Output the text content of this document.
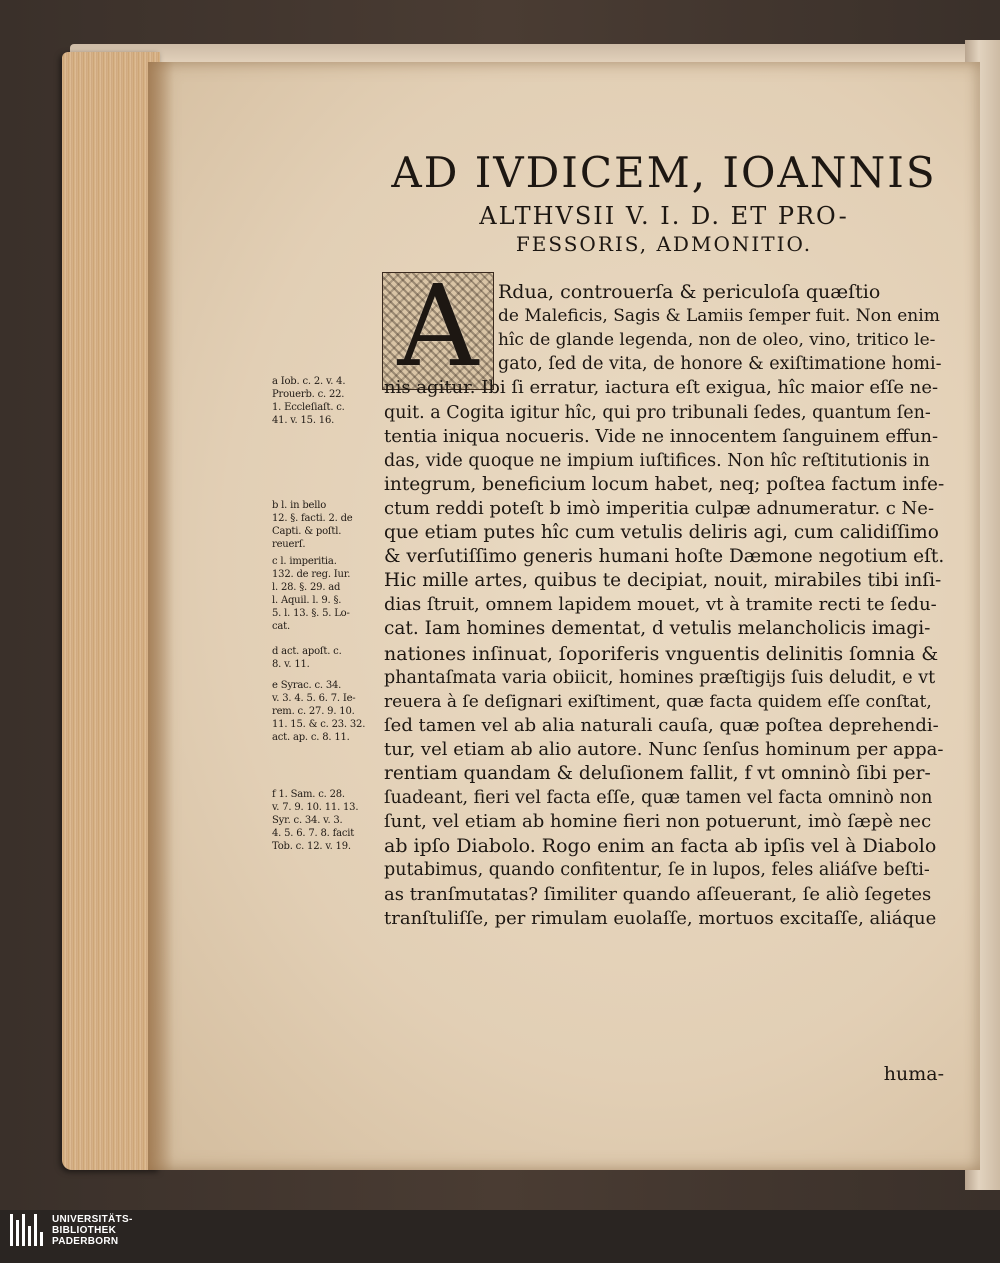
AD IVDICEM, IOANNIS
ALTHVSII V. I. D. ET PRO-
FESSORIS, ADMONITIO.
A	Rdua, controuerſa & periculoſa quæſtio
de Maleficis, Sagis & Lamiis ſemper fuit. Non enim
hîc de glande legenda, non de oleo, vino, tritico le-
gato, ſed de vita, de honore & exiſtimatione homi-
nis agitur. Ibi ſi erratur, iactura eſt exigua, hîc maior eſſe ne-
quit. a Cogita igitur hîc, qui pro tribunali ſedes, quantum ſen-
tentia iniqua nocueris. Vide ne innocentem ſanguinem effun-
das, vide quoque ne impium iuſtifices. Non hîc reſtitutionis in
integrum, beneficium locum habet, neq; poſtea factum infe-
ctum reddi poteſt b imò imperitia culpæ adnumeratur. c Ne-
que etiam putes hîc cum vetulis deliris agi, cum calidiſſimo
& verſutiſſimo generis humani hoſte Dæmone negotium eſt.
Hic mille artes, quibus te decipiat, nouit, mirabiles tibi inſi-
dias ſtruit, omnem lapidem mouet, vt à tramite recti te ſedu-
cat. Iam homines dementat, d vetulis melancholicis imagi-
nationes inſinuat, ſoporiferis vnguentis delinitis ſomnia &
phantaſmata varia obiicit, homines præſtigijs ſuis deludit, e vt
reuera à ſe deſignari exiſtiment, quæ facta quidem eſſe conſtat,
ſed tamen vel ab alia naturali cauſa, quæ poſtea deprehendi-
tur, vel etiam ab alio autore. Nunc ſenſus hominum per appa-
rentiam quandam & deluſionem fallit, f vt omninò ſibi per-
ſuadeant, fieri vel facta eſſe, quæ tamen vel facta omninò non
ſunt, vel etiam ab homine fieri non potuerunt, imò ſæpè nec
ab ipſo Diabolo. Rogo enim an facta ab ipſis vel à Diabolo
putabimus, quando confitentur, ſe in lupos, feles aliáſve beſti-
as tranſmutatas? ſimiliter quando aſſeuerant, ſe aliò ſegetes
tranſtuliſſe, per rimulam euolaſſe, mortuos excitaſſe, aliáque
a Iob. c. 2. v. 4.
Prouerb. c. 22.
1. Eccleſiaſt. c.
41. v. 15. 16.
b l. in bello
12. §. facti. 2. de
Capti. & poſtl.
reuerſ.
c l. imperitia.
132. de reg. Iur.
l. 28. §. 29. ad
l. Aquil. l. 9. §.
5. l. 13. §. 5. Lo-
cat.
d act. apoſt. c.
8. v. 11.
e Syrac. c. 34.
v. 3. 4. 5. 6. 7. Ie-
rem. c. 27. 9. 10.
11. 15. & c. 23. 32.
act. ap. c. 8. 11.
f 1. Sam. c. 28.
v. 7. 9. 10. 11. 13.
Syr. c. 34. v. 3.
4. 5. 6. 7. 8. facit
Tob. c. 12. v. 19.
huma-
UNIVERSITÄTS-
BIBLIOTHEK
PADERBORN
